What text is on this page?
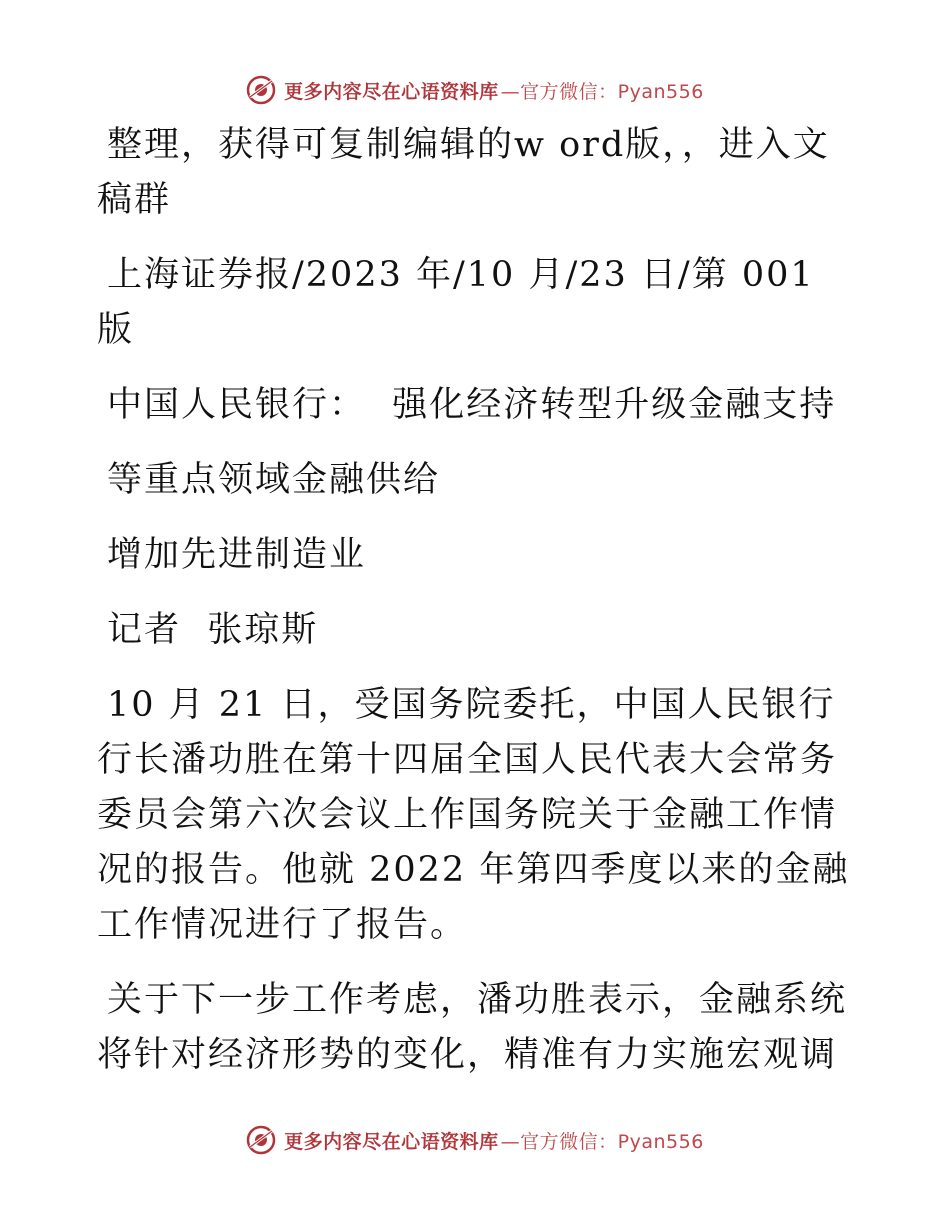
更多内容尽在心语资料库 —官方微信：Pyan556

整理，获得可复制编辑的w ord版，，进入文稿群

上海证券报/2023 年/10 月/23 日/第 001 版

中国人民银行：  强化经济转型升级金融支持

等重点领域金融供给

增加先进制造业

记者  张琼斯

10 月 21 日，受国务院委托，中国人民银行行长潘功胜在第十四届全国人民代表大会常务委员会第六次会议上作国务院关于金融工作情况的报告。他就 2022 年第四季度以来的金融工作情况进行了报告。

关于下一步工作考虑，潘功胜表示，金融系统将针对经济形势的变化，精准有力实施宏观调

更多内容尽在心语资料库 —官方微信：Pyan556
